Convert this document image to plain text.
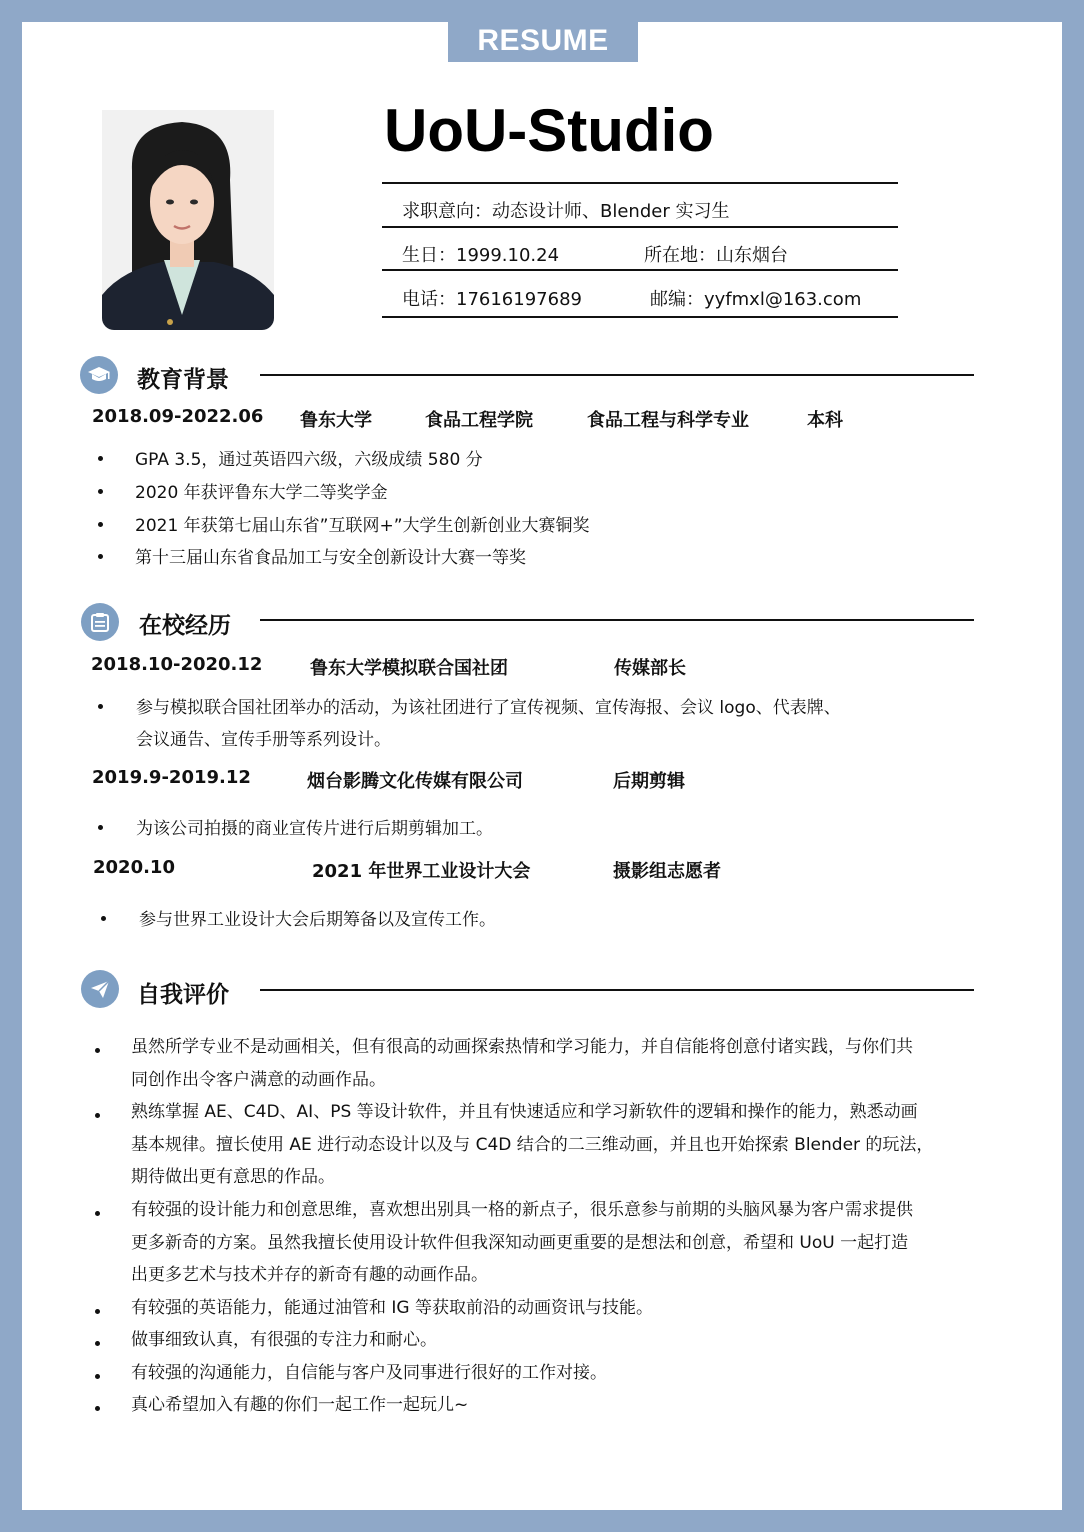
RESUME
UoU-Studio
求职意向：动态设计师、Blender 实习生
生日：1999.10.24	所在地：山东烟台
电话：17616197689	邮编：yyfmxl@163.com
教育背景
2018.09-2022.06 鲁东大学	食品工程学院	食品工程与科学专业	本科
GPA 3.5，通过英语四六级，六级成绩 580 分
2020 年获评鲁东大学二等奖学金
2021 年获第七届山东省”互联网+”大学生创新创业大赛铜奖
第十三届山东省食品加工与安全创新设计大赛一等奖
在校经历
2018.10-2020.12	鲁东大学模拟联合国社团	传媒部长
参与模拟联合国社团举办的活动，为该社团进行了宣传视频、宣传海报、会议 logo、代表牌、
会议通告、宣传手册等系列设计。
2019.9-2019.12	烟台影腾文化传媒有限公司	后期剪辑
为该公司拍摄的商业宣传片进行后期剪辑加工。
2020.10	2021 年世界工业设计大会	摄影组志愿者
参与世界工业设计大会后期筹备以及宣传工作。
自我评价
虽然所学专业不是动画相关，但有很高的动画探索热情和学习能力，并自信能将创意付诸实践，与你们共
同创作出令客户满意的动画作品。
熟练掌握 AE、C4D、AI、PS 等设计软件，并且有快速适应和学习新软件的逻辑和操作的能力，熟悉动画
基本规律。擅长使用 AE 进行动态设计以及与 C4D 结合的二三维动画，并且也开始探索 Blender 的玩法，
期待做出更有意思的作品。
有较强的设计能力和创意思维，喜欢想出别具一格的新点子，很乐意参与前期的头脑风暴为客户需求提供
更多新奇的方案。虽然我擅长使用设计软件但我深知动画更重要的是想法和创意，希望和 UoU 一起打造
出更多艺术与技术并存的新奇有趣的动画作品。
有较强的英语能力，能通过油管和 IG 等获取前沿的动画资讯与技能。
做事细致认真，有很强的专注力和耐心。
有较强的沟通能力，自信能与客户及同事进行很好的工作对接。
真心希望加入有趣的你们一起工作一起玩儿~
